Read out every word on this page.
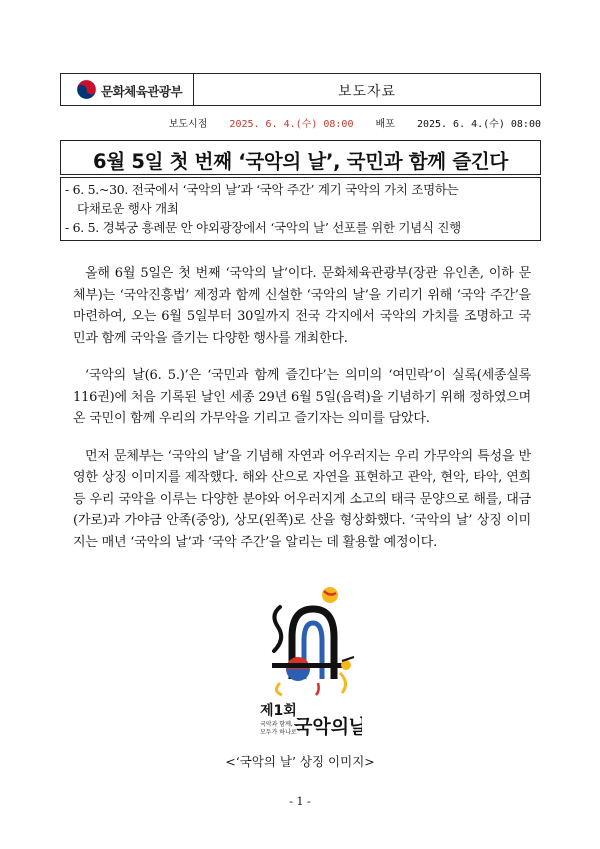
문화체육관광부	보도자료
보도시점 2025. 6. 4.(수) 08:00 배포 2025. 6. 4.(수) 08:00
6월 5일 첫 번째 ‘국악의 날’, 국민과 함께 즐긴다
- 6. 5.~30. 전국에서 ‘국악의 날’과 ‘국악 주간’ 계기 국악의 가치 조명하는
다채로운 행사 개최
- 6. 5. 경복궁 흥례문 안 야외광장에서 ‘국악의 날’ 선포를 위한 기념식 진행

올해 6월 5일은 첫 번째 ‘국악의 날’이다. 문화체육관광부(장관 유인촌, 이하 문체부)는 ‘국악진흥법’ 제정과 함께 신설한 ‘국악의 날’을 기리기 위해 ‘국악 주간’을 마련하여, 오는 6월 5일부터 30일까지 전국 각지에서 국악의 가치를 조명하고 국민과 함께 국악을 즐기는 다양한 행사를 개최한다.

‘국악의 날(6. 5.)’은 ‘국민과 함께 즐긴다’는 의미의 ‘여민락’이 실록(세종실록 116권)에 처음 기록된 날인 세종 29년 6월 5일(음력)을 기념하기 위해 정하였으며 온 국민이 함께 우리의 가무악을 기리고 즐기자는 의미를 담았다.

먼저 문체부는 ‘국악의 날’을 기념해 자연과 어우러지는 우리 가무악의 특성을 반영한 상징 이미지를 제작했다. 해와 산으로 자연을 표현하고 관악, 현악, 타악, 연희 등 우리 국악을 이루는 다양한 분야와 어우러지게 소고의 태극 문양으로 해를, 대금(가로)과 가야금 안족(중앙), 상모(왼쪽)로 산을 형상화했다. ‘국악의 날’ 상징 이미지는 매년 ‘국악의 날’과 ‘국악 주간’을 알리는 데 활용할 예정이다.

제1회
국악과 함께,
모두가 하나로
국악의날
<‘국악의 날’ 상징 이미지>
- 1 -
